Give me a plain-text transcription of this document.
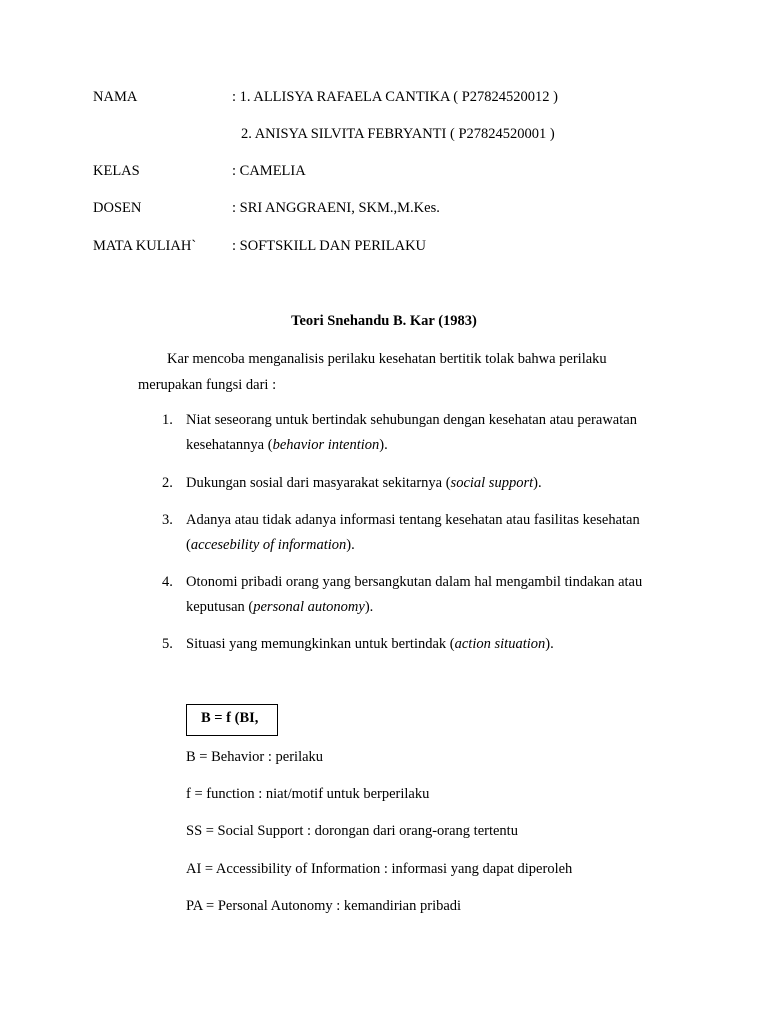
NAMA	: 1. ALLISYA RAFAELA CANTIKA ( P27824520012 )
2. ANISYA SILVITA FEBRYANTI ( P27824520001 )
KELAS	: CAMELIA
DOSEN	: SRI ANGGRAENI, SKM.,M.Kes.
MATA KULIAH` : SOFTSKILL DAN PERILAKU
Teori Snehandu B. Kar (1983)
Kar mencoba menganalisis perilaku kesehatan bertitik tolak bahwa perilaku
merupakan fungsi dari :
1. Niat seseorang untuk bertindak sehubungan dengan kesehatan atau perawatan kesehatannya (behavior intention).
2. Dukungan sosial dari masyarakat sekitarnya (social support).
3. Adanya atau tidak adanya informasi tentang kesehatan atau fasilitas kesehatan (accesebility of information).
4. Otonomi pribadi orang yang bersangkutan dalam hal mengambil tindakan atau keputusan (personal autonomy).
5. Situasi yang memungkinkan untuk bertindak (action situation).
B = f (BI,
B = Behavior : perilaku
f = function : niat/motif untuk berperilaku
SS = Social Support : dorongan dari orang-orang tertentu
AI = Accessibility of Information : informasi yang dapat diperoleh
PA = Personal Autonomy : kemandirian pribadi
